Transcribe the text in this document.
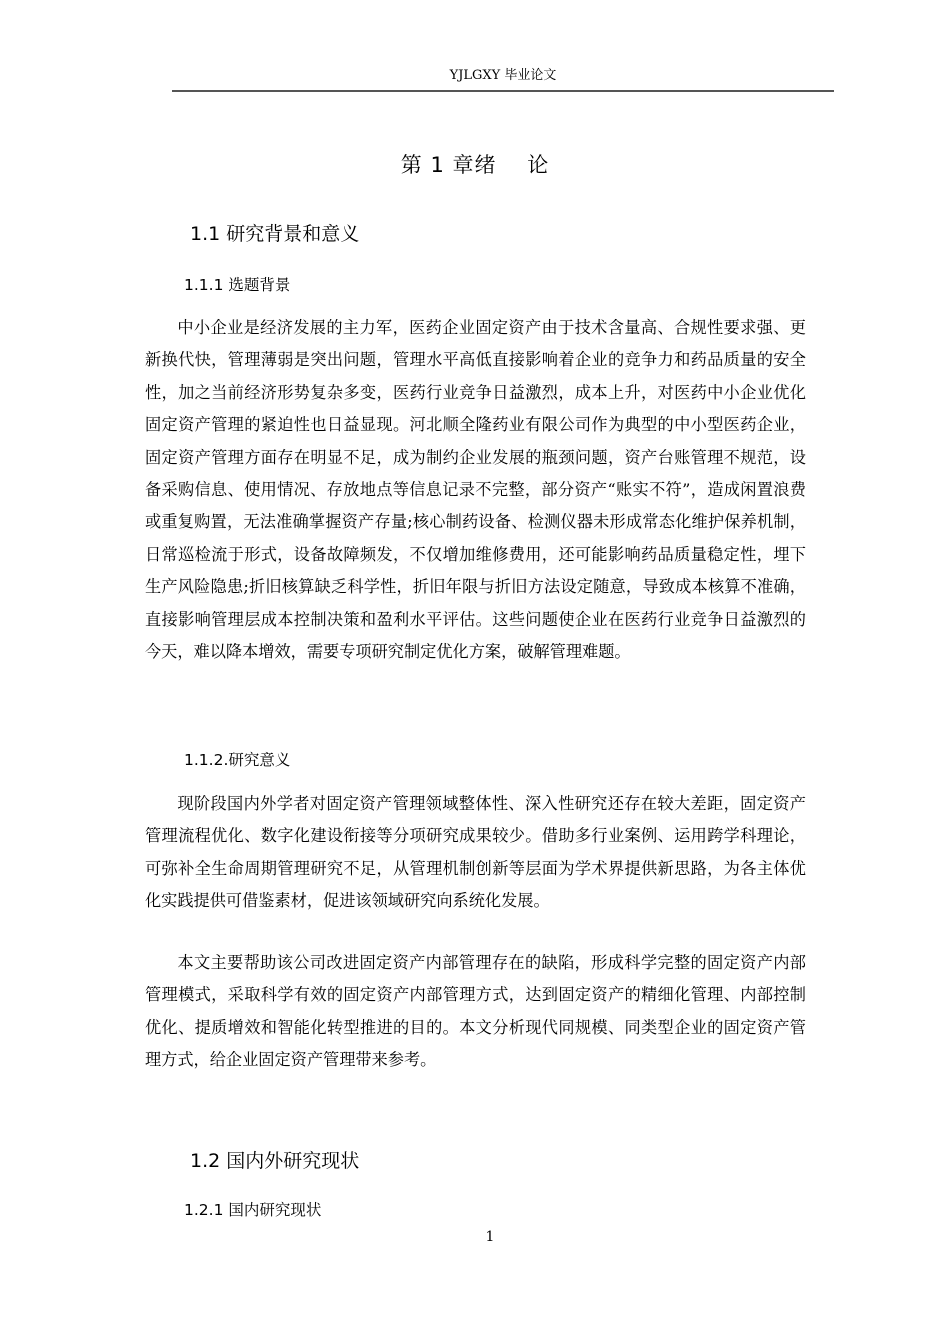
YJLGXY 毕业论文
第 1 章绪    论
1.1 研究背景和意义
1.1.1 选题背景

中小企业是经济发展的主力军，医药企业固定资产由于技术含量高、合规性要求强、更新换代快，管理薄弱是突出问题，管理水平高低直接影响着企业的竞争力和药品质量的安全性，加之当前经济形势复杂多变，医药行业竞争日益激烈，成本上升，对医药中小企业优化固定资产管理的紧迫性也日益显现。河北顺全隆药业有限公司作为典型的中小型医药企业，固定资产管理方面存在明显不足，成为制约企业发展的瓶颈问题，资产台账管理不规范，设备采购信息、使用情况、存放地点等信息记录不完整，部分资产“账实不符”，造成闲置浪费或重复购置，无法准确掌握资产存量;核心制药设备、检测仪器未形成常态化维护保养机制，日常巡检流于形式，设备故障频发，不仅增加维修费用，还可能影响药品质量稳定性，埋下生产风险隐患;折旧核算缺乏科学性，折旧年限与折旧方法设定随意，导致成本核算不准确，直接影响管理层成本控制决策和盈利水平评估。这些问题使企业在医药行业竞争日益激烈的今天，难以降本增效，需要专项研究制定优化方案，破解管理难题。

1.1.2.研究意义

现阶段国内外学者对固定资产管理领域整体性、深入性研究还存在较大差距，固定资产管理流程优化、数字化建设衔接等分项研究成果较少。借助多行业案例、运用跨学科理论，可弥补全生命周期管理研究不足，从管理机制创新等层面为学术界提供新思路，为各主体优化实践提供可借鉴素材，促进该领域研究向系统化发展。

本文主要帮助该公司改进固定资产内部管理存在的缺陷，形成科学完整的固定资产内部管理模式，采取科学有效的固定资产内部管理方式，达到固定资产的精细化管理、内部控制优化、提质增效和智能化转型推进的目的。本文分析现代同规模、同类型企业的固定资产管理方式，给企业固定资产管理带来参考。

1.2 国内外研究现状
1.2.1 国内研究现状
1
